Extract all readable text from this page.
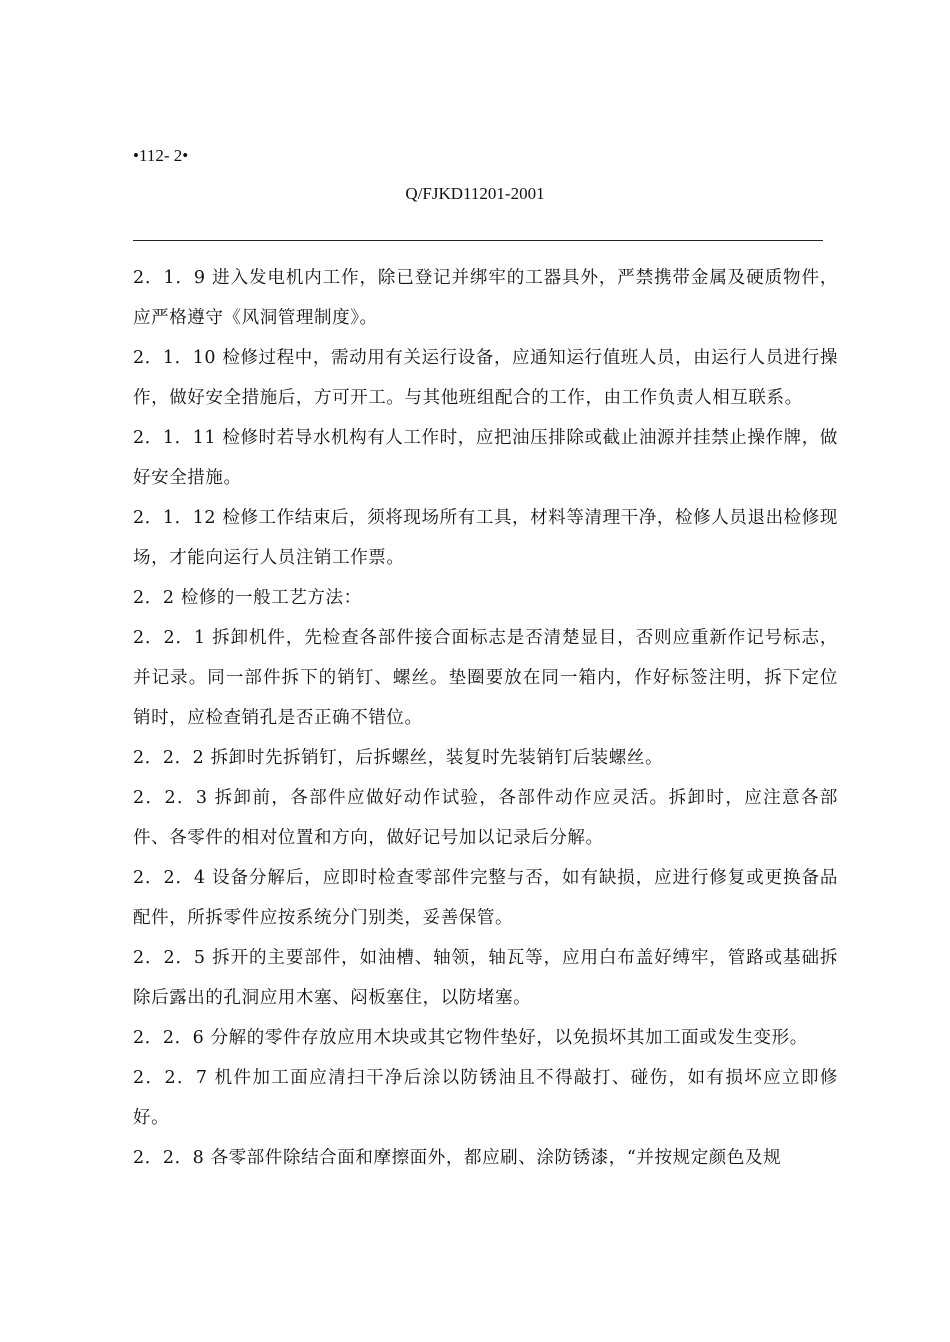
•112- 2•
Q/FJKD11201-2001

2．1．9 进入发电机内工作，除已登记并绑牢的工器具外，严禁携带金属及硬质物件，应严格遵守《风洞管理制度》。

2．1．10 检修过程中，需动用有关运行设备，应通知运行值班人员，由运行人员进行操作，做好安全措施后，方可开工。与其他班组配合的工作，由工作负责人相互联系。

2．1．11 检修时若导水机构有人工作时，应把油压排除或截止油源并挂禁止操作牌，做好安全措施。

2．1．12 检修工作结束后，须将现场所有工具，材料等清理干净，检修人员退出检修现场，才能向运行人员注销工作票。

2．2 检修的一般工艺方法：

2．2．1 拆卸机件，先检查各部件接合面标志是否清楚显目，否则应重新作记号标志，并记录。同一部件拆下的销钉、螺丝。垫圈要放在同一箱内，作好标签注明，拆下定位销时，应检查销孔是否正确不错位。

2．2．2 拆卸时先拆销钉，后拆螺丝，装复时先装销钉后装螺丝。

2．2．3 拆卸前，各部件应做好动作试验，各部件动作应灵活。拆卸时，应注意各部件、各零件的相对位置和方向，做好记号加以记录后分解。

2．2．4 设备分解后，应即时检查零部件完整与否，如有缺损，应进行修复或更换备品配件，所拆零件应按系统分门别类，妥善保管。

2．2．5 拆开的主要部件，如油槽、轴领，轴瓦等，应用白布盖好缚牢，管路或基础拆除后露出的孔洞应用木塞、闷板塞住，以防堵塞。

2．2．6 分解的零件存放应用木块或其它物件垫好，以免损坏其加工面或发生变形。

2．2．7 机件加工面应清扫干净后涂以防锈油且不得敲打、碰伤，如有损坏应立即修好。

2．2．8 各零部件除结合面和摩擦面外，都应刷、涂防锈漆，“并按规定颜色及规
